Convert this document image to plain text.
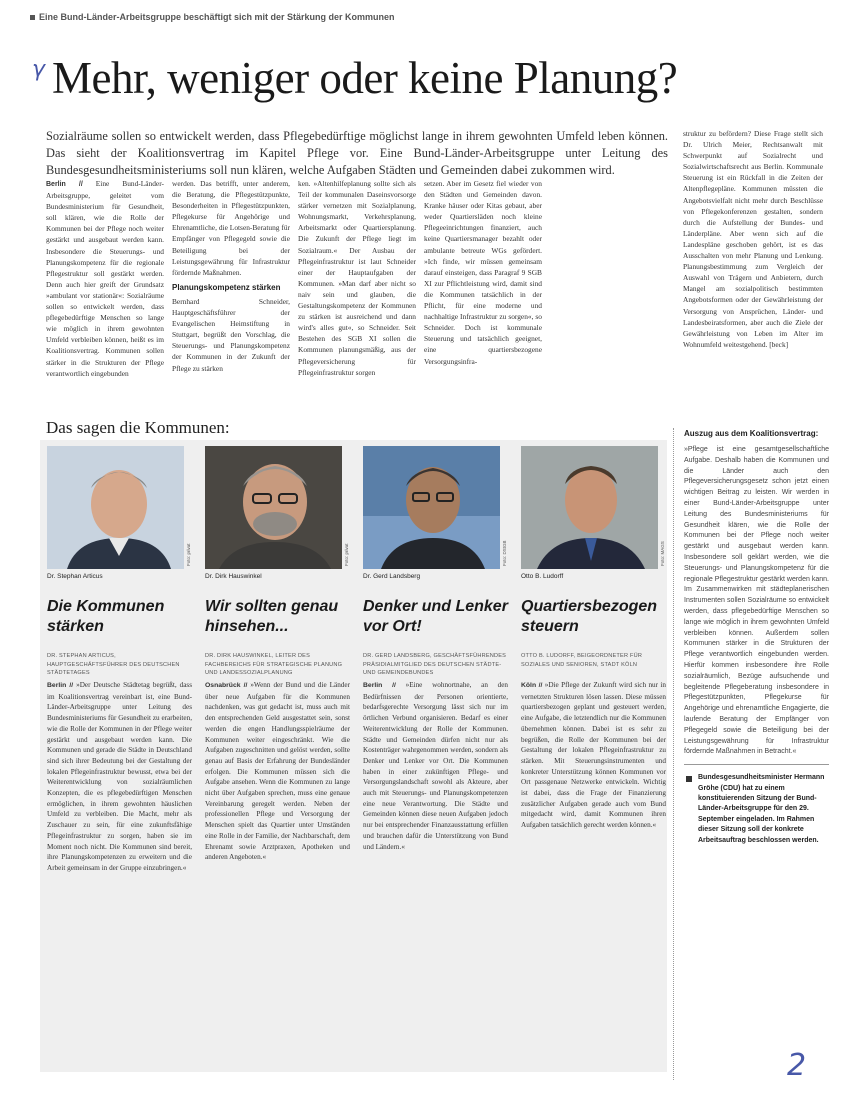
Eine Bund-Länder-Arbeitsgruppe beschäftigt sich mit der Stärkung der Kommunen
γ Mehr, weniger oder keine Planung?

Sozialräume sollen so entwickelt werden, dass Pflegebedürftige möglichst lange in ihrem gewohnten Umfeld leben können. Das sieht der Koalitionsvertrag im Kapitel Pflege vor. Eine Bund-Länder-Arbeitsgruppe unter Leitung des Bundesgesundheitsministeriums soll nun klären, welche Aufgaben Städten und Gemeinden dabei zukommen wird.

Berlin // Eine Bund-Länder-Arbeitsgruppe, geleitet vom Bundesministerium für Gesundheit, soll klären, wie die Rolle der Kommunen bei der Pflege noch weiter gestärkt und ausgebaut werden kann. Insbesondere die Steuerungs- und Planungskompetenz für die regionale Pflegestruktur soll gestärkt werden. Denn auch hier greift der Grundsatz »ambulant vor stationär«: Sozialräume sollen so entwickelt werden, dass pflegebedürftige Menschen so lange wie möglich in ihrem gewohnten Umfeld verbleiben können, heißt es im Koalitionsvertrag. Kommunen sollen stärker in die Strukturen der Pflege verantwortlich eingebunden

werden. Das betrifft, unter anderem, die Beratung, die Pflegestützpunkte, Besonderheiten in Pflegestützpunkten, Pflegekurse für Angehörige und Ehrenamtliche, die Lotsen-Beratung für Empfänger von Pflegegeld sowie die Beteiligung bei der Leistungsgewährung für Infrastruktur fördernde Maßnahmen.

Planungskompetenz stärken

Bernhard Schneider, Hauptgeschäftsführer der Evangelischen Heimstiftung in Stuttgart, begrüßt den Vorschlag, die Steuerungs- und Planungskompetenz der Kommunen in der Zukunft der Pflege zu stärken

ken. »Altenhilfeplanung sollte sich als Teil der kommunalen Daseinsvorsorge stärker vernetzen mit Sozialplanung, Wohnungsmarkt, Verkehrsplanung, Arbeitsmarkt oder Quartiersplanung. Die Zukunft der Pflege liegt im Sozialraum.« Der Ausbau der Pflegeinfrastruktur ist laut Schneider einer der Hauptaufgaben der Kommunen. »Man darf aber nicht so naiv sein und glauben, die Gestaltungskompetenz der Kommunen zu stärken ist ausreichend und dann wird's alles gut«, so Schneider. Seit Bestehen des SGB XI sollen die Kommunen planungsmäßig, aus der Pflegeversicherung für Pflegeinfrastruktur sorgen

setzen. Aber im Gesetz fiel wieder von den Städten und Gemeinden davon. Kranke häuser oder Kitas gebaut, aber weder Quartiersläden noch kleine Pflegeeinrichtungen finanziert, auch keine Quartiersmanager bezahlt oder ambulante betreute WGs gefördert. »Ich finde, wir müssen gemeinsam darauf einsteigen, dass Paragraf 9 SGB XI zur Pflichtleistung wird, damit sind die Kommunen tatsächlich in der Pflicht, für eine moderne und nachhaltige Infrastruktur zu sorgen«, so Schneider. Doch ist kommunale Steuerung und tatsächlich geeignet, eine quartiersbezogene Versorgungsinfra-

struktur zu befördern? Diese Frage stellt sich Dr. Ulrich Meier, Rechtsanwalt mit Schwerpunkt auf Sozialrecht und Sozialwirtschaftsrecht aus Berlin. Kommunale Steuerung ist ein Rückfall in die Zeiten der Altenpflegepläne. Kommunen müssten die Angebotsvielfalt nicht mehr durch Beschlüsse von Pflegekonferenzen gestalten, sondern durch die Aufstellung der Bundes- und Länderpläne. Aber wenn sich auf die Landespläne geschoben gehört, ist es das Ausschalten von mehr Planung und Lenkung. Planungsbestimmung zum Vergleich der Auswahl von Trägern und Anbietern, durch Mangel am sozialpolitisch bestimmten Angebotsformen oder der Gewährleistung der Versorgung von Ansprüchen, Länder- und Landesbeiratsformen, aber auch die Ziele der Gewährleistung von Leben im Alter im Wohnumfeld weitestgehend. [beck]

Das sagen die Kommunen:
Foto: privat	Foto: privat	Foto: DStGB	Foto: MAGS
Dr. Stephan Articus	Dr. Dirk Hauswinkel	Dr. Gerd Landsberg	Otto B. Ludorff
Die Kommunen stärken
Wir sollten genau hinsehen...
Denker und Lenker vor Ort!
Quartiersbezogen steuern
DR. STEPHAN ARTICUS, HAUPTGESCHÄFTSFÜHRER DES DEUTSCHEN STÄDTETAGES
DR. DIRK HAUSWINKEL, LEITER DES FACHBEREICHS FÜR STRATEGISCHE PLANUNG UND LANDESSOZIALPLANUNG
DR. GERD LANDSBERG, GESCHÄFTSFÜHRENDES PRÄSIDIALMITGLIED DES DEUTSCHEN STÄDTE- UND GEMEINDEBUNDES
OTTO B. LUDORFF, BEIGEORDNETER FÜR SOZIALES UND SENIOREN, STADT KÖLN

Berlin // »Der Deutsche Städtetag begrüßt, dass im Koalitionsvertrag vereinbart ist, eine Bund-Länder-Arbeitsgruppe unter Leitung des Bundesministeriums für Gesundheit zu erarbeiten, wie die Rolle der Kommunen in der Pflege weiter gestärkt und ausgebaut werden kann. Die Kommunen und gerade die Städte in Deutschland sind sich ihrer Bedeutung bei der Gestaltung der lokalen Pflegeinfrastruktur bewusst, etwa bei der Weiterentwicklung von sozialräumlichen Konzepten, die es pflegebedürftigen Menschen ermöglichen, in ihrem gewohnten häuslichen Umfeld zu verbleiben. Die Macht, mehr als Zuschauer zu sein, für eine zukunftsfähige Pflegeinfrastruktur zu sorgen, haben sie im Moment noch nicht. Die Kommunen sind bereit, ihre Planungskompetenzen zu erweitern und die Arbeit gemeinsam in der Gruppe einzubringen.«

Osnabrück // »Wenn der Bund und die Länder über neue Aufgaben für die Kommunen nachdenken, was gut gedacht ist, muss auch mit den entsprechenden Geld ausgestattet sein, sonst werden die engen Handlungsspielräume der Kommunen weiter eingeschränkt. Wie die Aufgaben zugeschnitten und gelöst werden, sollte genau auf Basis der Erfahrung der Bundesländer erfolgen. Die Kommunen müssen sich die Aufgabe ansehen. Wenn die Kommunen zu lange nicht über Aufgaben sprechen, muss eine genaue Vereinbarung geregelt werden. Neben der professionellen Pflege und Versorgung der Menschen spielt das Quartier unter Umständen eine Rolle in der Familie, der Nachbarschaft, dem Ehrenamt sowie Arztpraxen, Apotheken und anderen Angeboten.«

Berlin // »Eine wohnortnahe, an den Bedürfnissen der Personen orientierte, bedarfsgerechte Versorgung lässt sich nur im örtlichen Verbund organisieren. Bedarf es einer Weiterentwicklung der Rolle der Kommunen. Städte und Gemeinden dürfen nicht nur als Kostenträger wahrgenommen werden, sondern als Denker und Lenker vor Ort. Die Kommunen haben in einer zukünftigen Pflege- und Versorgungslandschaft sowohl als Akteure, aber auch mit Steuerungs- und Planungskompetenzen eine neue Verantwortung. Die Städte und Gemeinden können diese neuen Aufgaben jedoch nur bei entsprechender Finanzausstattung erfüllen und brauchen dafür die Unterstützung von Bund und Ländern.«

Köln // »Die Pflege der Zukunft wird sich nur in vernetzten Strukturen lösen lassen. Diese müssen quartiersbezogen geplant und gesteuert werden, eine Aufgabe, die letztendlich nur die Kommunen übernehmen können. Dabei ist es sehr zu begrüßen, die Rolle der Kommunen bei der Gestaltung der lokalen Pflegeinfrastruktur zu stärken. Mit Steuerungsinstrumenten und konkreter Unterstützung können Kommunen vor Ort passgenaue Netzwerke entwickeln. Wichtig ist dabei, dass die Frage der Finanzierung zusätzlicher Aufgaben gerade auch vom Bund mitgedacht wird, damit Kommunen ihren Aufgaben tatsächlich gerecht werden können.«

Auszug aus dem Koalitionsvertrag:
»Pflege ist eine gesamtgesellschaftliche Aufgabe. Deshalb haben die Kommunen und die Länder auch den Pflegeversicherungsgesetz schon jetzt einen wichtigen Beitrag zu leisten. Wir werden in einer Bund-Länder-Arbeitsgruppe unter Leitung des Bundesministeriums für Gesundheit klären, wie die Rolle der Kommunen bei der Pflege noch weiter gestärkt und ausgebaut werden kann. Insbesondere soll geklärt werden, wie die Steuerungs- und Planungskompetenz für die regionale Pflegestruktur gestärkt werden kann. Im Zusammenwirken mit städteplanerischen Instrumenten sollen Sozialräume so entwickelt werden, dass pflegebedürftige Menschen so lange wie möglich in ihrem gewohnten Umfeld verbleiben können. Außerdem sollen Kommunen stärker in die Strukturen der Pflege verantwortlich eingebunden werden. Hierfür kommen insbesondere ihre Rolle sozialräumlich, Bezüge aufsuchende und begleitende Pflegeberatung insbesondere in Pflegestützpunkten, Pflegekurse für Angehörige und ehrenamtliche Engagierte, die laufende Beratung der Empfänger von Pflegegeld sowie die Beteiligung bei der Leistungsgewährung für Infrastruktur fördernde Maßnahmen in Betracht.«
Bundesgesundheitsminister Hermann Gröhe (CDU) hat zu einem konstituierenden Sitzung der Bund-Länder-Arbeitsgruppe für den 29. September eingeladen. Im Rahmen dieser Sitzung soll der konkrete Arbeitsauftrag beschlossen werden.
2
